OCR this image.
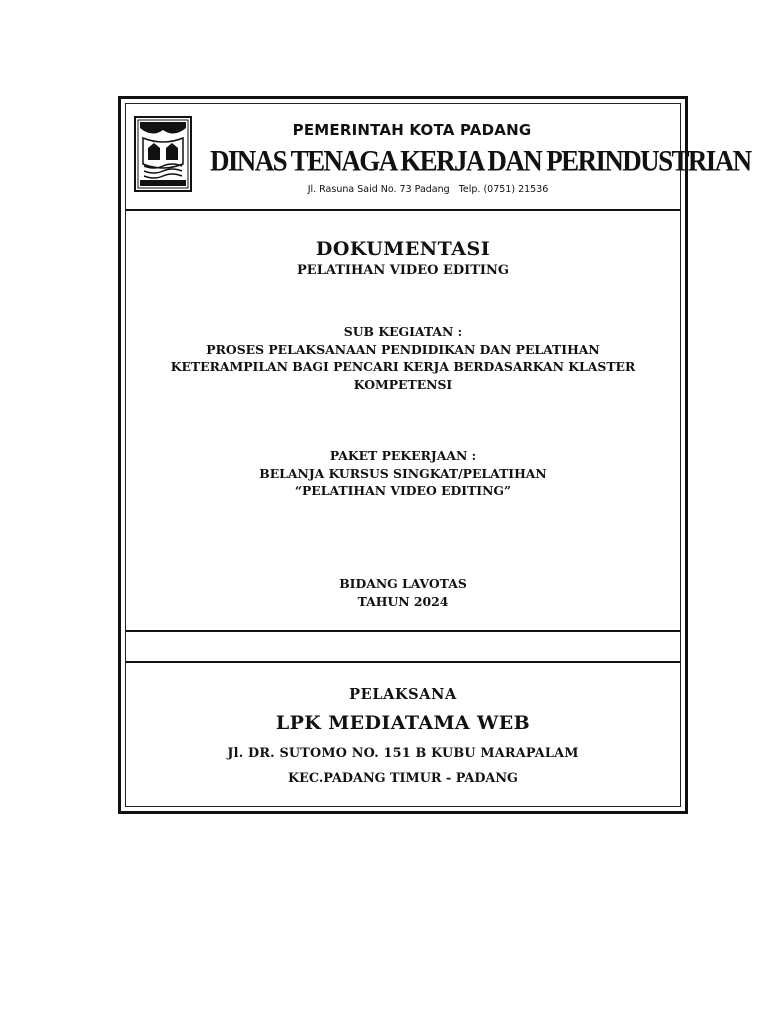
PEMERINTAH KOTA PADANG
DINAS TENAGA KERJA DAN PERINDUSTRIAN
Jl. Rasuna Said No. 73 Padang Telp. (0751) 21536
DOKUMENTASI
PELATIHAN VIDEO EDITING
SUB KEGIATAN :
PROSES PELAKSANAAN PENDIDIKAN DAN PELATIHAN
KETERAMPILAN BAGI PENCARI KERJA BERDASARKAN KLASTER
KOMPETENSI
PAKET PEKERJAAN :
BELANJA KURSUS SINGKAT/PELATIHAN
“PELATIHAN VIDEO EDITING”
BIDANG LAVOTAS
TAHUN 2024
PELAKSANA
LPK MEDIATAMA WEB
Jl. DR. SUTOMO NO. 151 B KUBU MARAPALAM
KEC.PADANG TIMUR - PADANG
